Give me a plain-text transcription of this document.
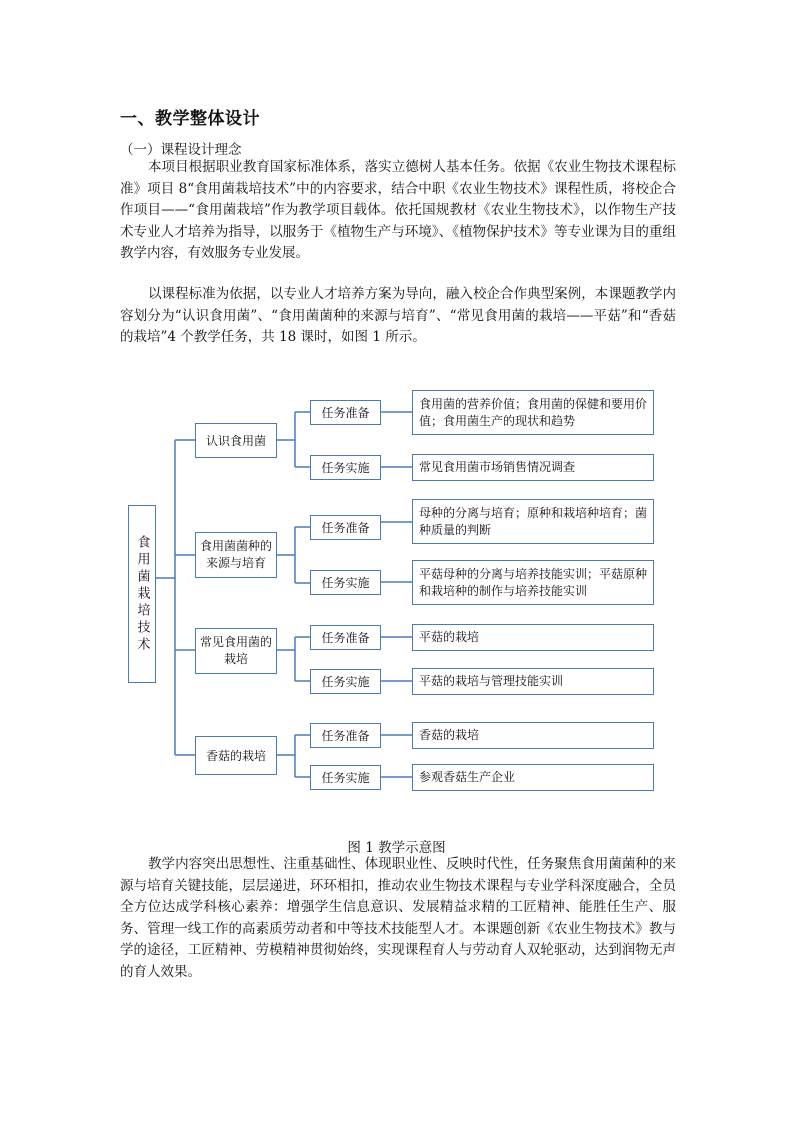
一、教学整体设计
（一）课程设计理念

本项目根据职业教育国家标准体系，落实立德树人基本任务。依据《农业生物技术课程标准》项目 8“食用菌栽培技术”中的内容要求，结合中职《农业生物技术》课程性质，将校企合作项目——“食用菌栽培”作为教学项目载体。依托国规教材《农业生物技术》，以作物生产技术专业人才培养为指导，以服务于《植物生产与环境》、《植物保护技术》等专业课为目的重组教学内容，有效服务专业发展。

以课程标准为依据，以专业人才培养方案为导向，融入校企合作典型案例，本课题教学内容划分为“认识食用菌”、“食用菌菌种的来源与培育”、“常见食用菌的栽培——平菇”和“香菇的栽培”4 个教学任务，共 18 课时，如图 1 所示。

食用菌栽培技术
认识食用菌
任务准备
食用菌的营养价值；食用菌的保健和要用价值；食用菌生产的现状和趋势
任务实施	常见食用菌市场销售情况调查
食用菌菌种的来源与培育
任务准备
母种的分离与培育；原种和栽培种培育；菌种质量的判断
任务实施
平菇母种的分离与培养技能实训；平菇原种和栽培种的制作与培养技能实训
常见食用菌的栽培
任务准备	平菇的栽培
任务实施	平菇的栽培与管理技能实训
香菇的栽培
任务准备	香菇的栽培
任务实施	参观香菇生产企业
图 1 教学示意图

教学内容突出思想性、注重基础性、体现职业性、反映时代性，任务聚焦食用菌菌种的来源与培育关键技能，层层递进，环环相扣，推动农业生物技术课程与专业学科深度融合，全员全方位达成学科核心素养：增强学生信息意识、发展精益求精的工匠精神、能胜任生产、服务、管理一线工作的高素质劳动者和中等技术技能型人才。本课题创新《农业生物技术》教与学的途径，工匠精神、劳模精神贯彻始终，实现课程育人与劳动育人双轮驱动，达到润物无声的育人效果。
